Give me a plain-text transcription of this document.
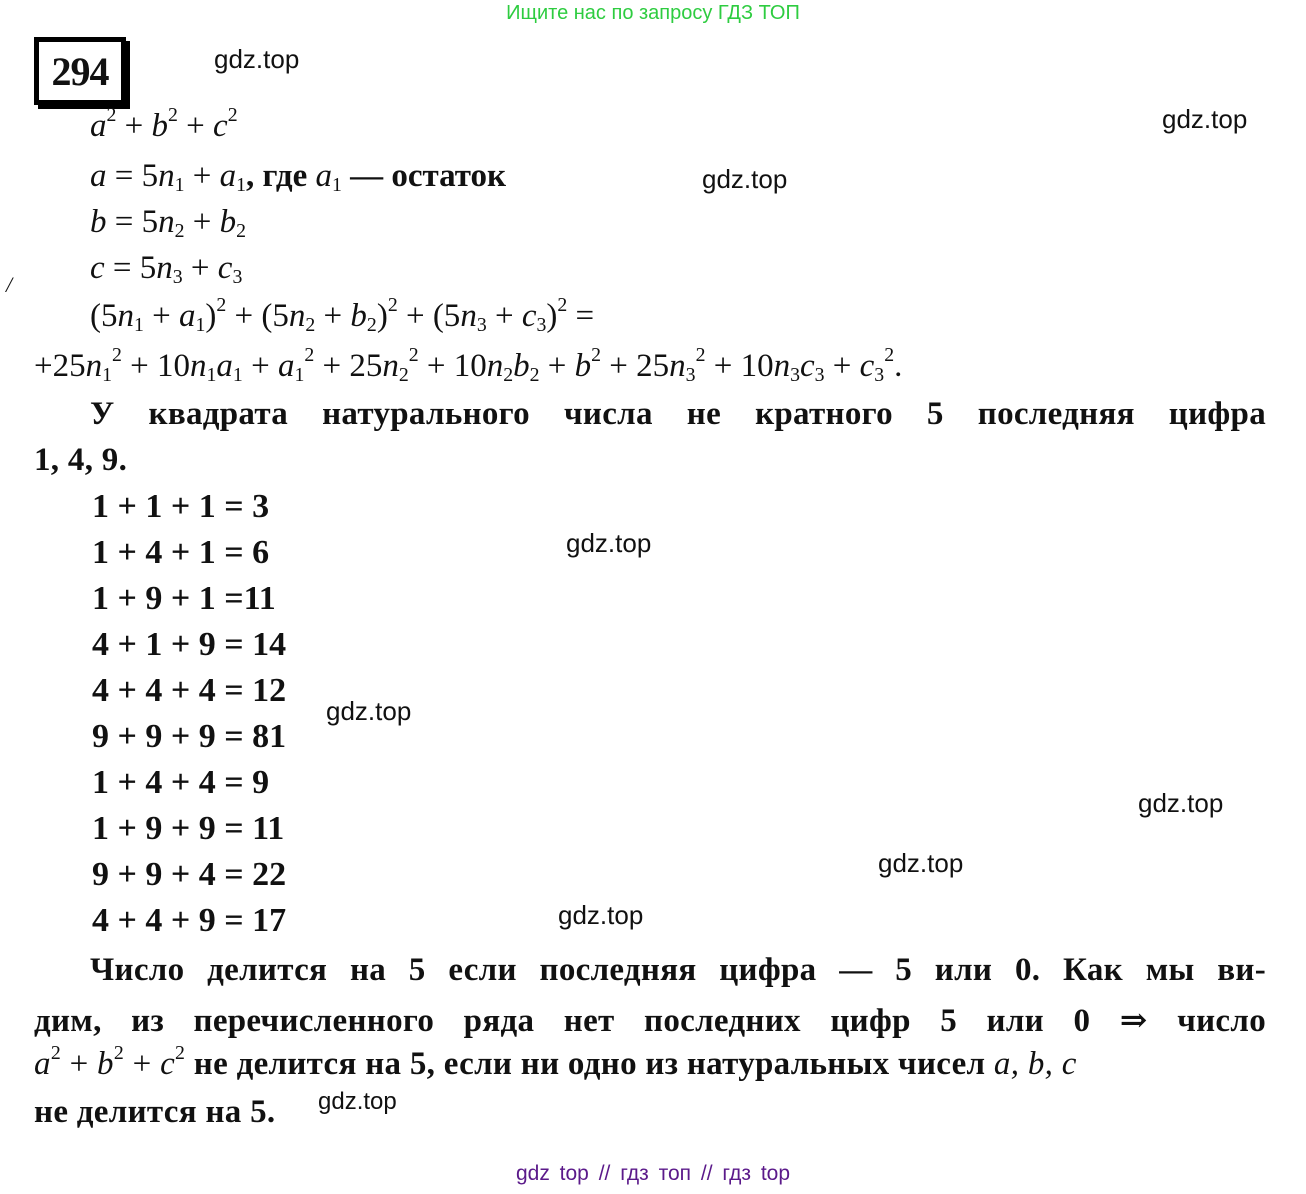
Ищите нас по запросу ГДЗ ТОП
294	gdz.top
gdz.top
gdz.top
gdz.top
gdz.top
gdz.top
gdz.top
gdz.top
gdz.top
/
$a^2 + b^2 + c^2$
$a = 5n_1 + a_1$, где $a_1$ — остаток
$b = 5n_2 + b_2$
$c = 5n_3 + c_3$
$(5n_1 + a_1)^2 + (5n_2 + b_2)^2 + (5n_3 + c_3)^2$ =
$+25n_1^2 + 10n_1a_1 + a_1^2 + 25n_2^2 + 10n_2b_2 + b^2 + 25n_3^2 + 10n_3c_3 + c_3^2$.
У квадрата натурального числа не кратного 5 последняя цифра
1, 4, 9.
1 + 1 + 1 = 3
1 + 4 + 1 = 6
1 + 9 + 1 =11
4 + 1 + 9 = 14
4 + 4 + 4 = 12
9 + 9 + 9 = 81
1 + 4 + 4 = 9
1 + 9 + 9 = 11
9 + 9 + 4 = 22
4 + 4 + 9 = 17
Число делится на 5 если последняя цифра — 5 или 0. Как мы ви-
дим, из перечисленного ряда нет последних цифр 5 или 0 ⇒ число
$a^2 + b^2 + c^2$ не делится на 5, если ни одно из натуральных чисел a, b, c
не делится на 5.
gdz top // гдз топ // гдз top
